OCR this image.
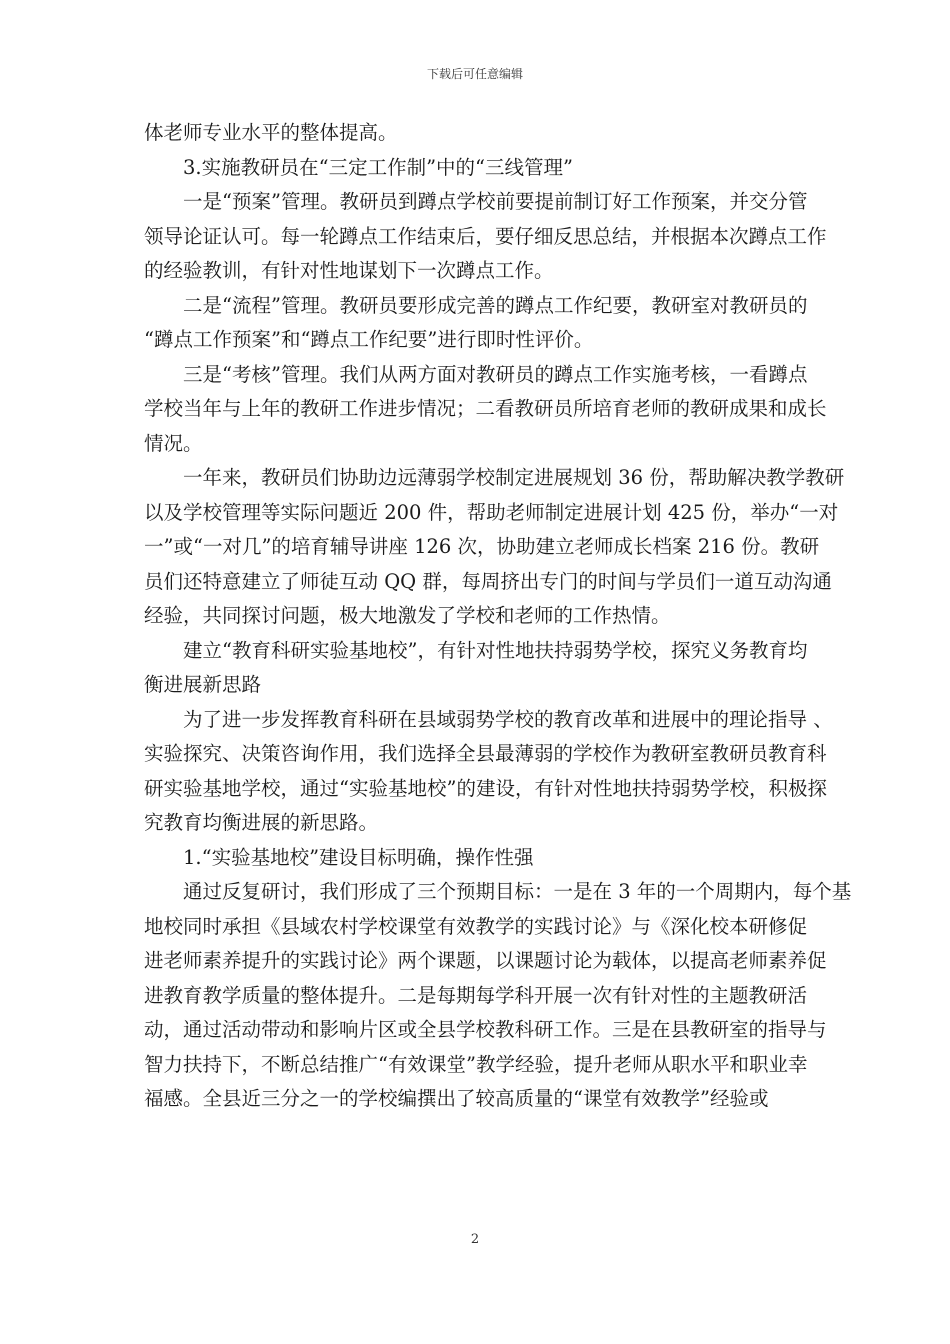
下载后可任意编辑

体老师专业水平的整体提高。

3.实施教研员在“三定工作制”中的“三线管理”

一是“预案”管理。教研员到蹲点学校前要提前制订好工作预案，并交分管

领导论证认可。每一轮蹲点工作结束后，要仔细反思总结，并根据本次蹲点工作

的经验教训，有针对性地谋划下一次蹲点工作。

二是“流程”管理。教研员要形成完善的蹲点工作纪要，教研室对教研员的

“蹲点工作预案”和“蹲点工作纪要”进行即时性评价。

三是“考核”管理。我们从两方面对教研员的蹲点工作实施考核，一看蹲点

学校当年与上年的教研工作进步情况；二看教研员所培育老师的教研成果和成长

情况。

一年来，教研员们协助边远薄弱学校制定进展规划 36 份，帮助解决教学教研

以及学校管理等实际问题近 200 件，帮助老师制定进展计划 425 份，举办“一对

一”或“一对几”的培育辅导讲座 126 次，协助建立老师成长档案 216 份。教研

员们还特意建立了师徒互动 QQ 群，每周挤出专门的时间与学员们一道互动沟通

经验，共同探讨问题，极大地激发了学校和老师的工作热情。

建立“教育科研实验基地校”，有针对性地扶持弱势学校，探究义务教育均

衡进展新思路

为了进一步发挥教育科研在县域弱势学校的教育改革和进展中的理论指导 、

实验探究、决策咨询作用，我们选择全县最薄弱的学校作为教研室教研员教育科

研实验基地学校，通过“实验基地校”的建设，有针对性地扶持弱势学校，积极探

究教育均衡进展的新思路。

1.“实验基地校”建设目标明确，操作性强

通过反复研讨，我们形成了三个预期目标：一是在 3 年的一个周期内，每个基

地校同时承担《县域农村学校课堂有效教学的实践讨论》与《深化校本研修促

进老师素养提升的实践讨论》两个课题，以课题讨论为载体，以提高老师素养促

进教育教学质量的整体提升。二是每期每学科开展一次有针对性的主题教研活

动，通过活动带动和影响片区或全县学校教科研工作。三是在县教研室的指导与

智力扶持下，不断总结推广“有效课堂”教学经验，提升老师从职水平和职业幸

福感。全县近三分之一的学校编撰出了较高质量的“课堂有效教学”经验或

2
